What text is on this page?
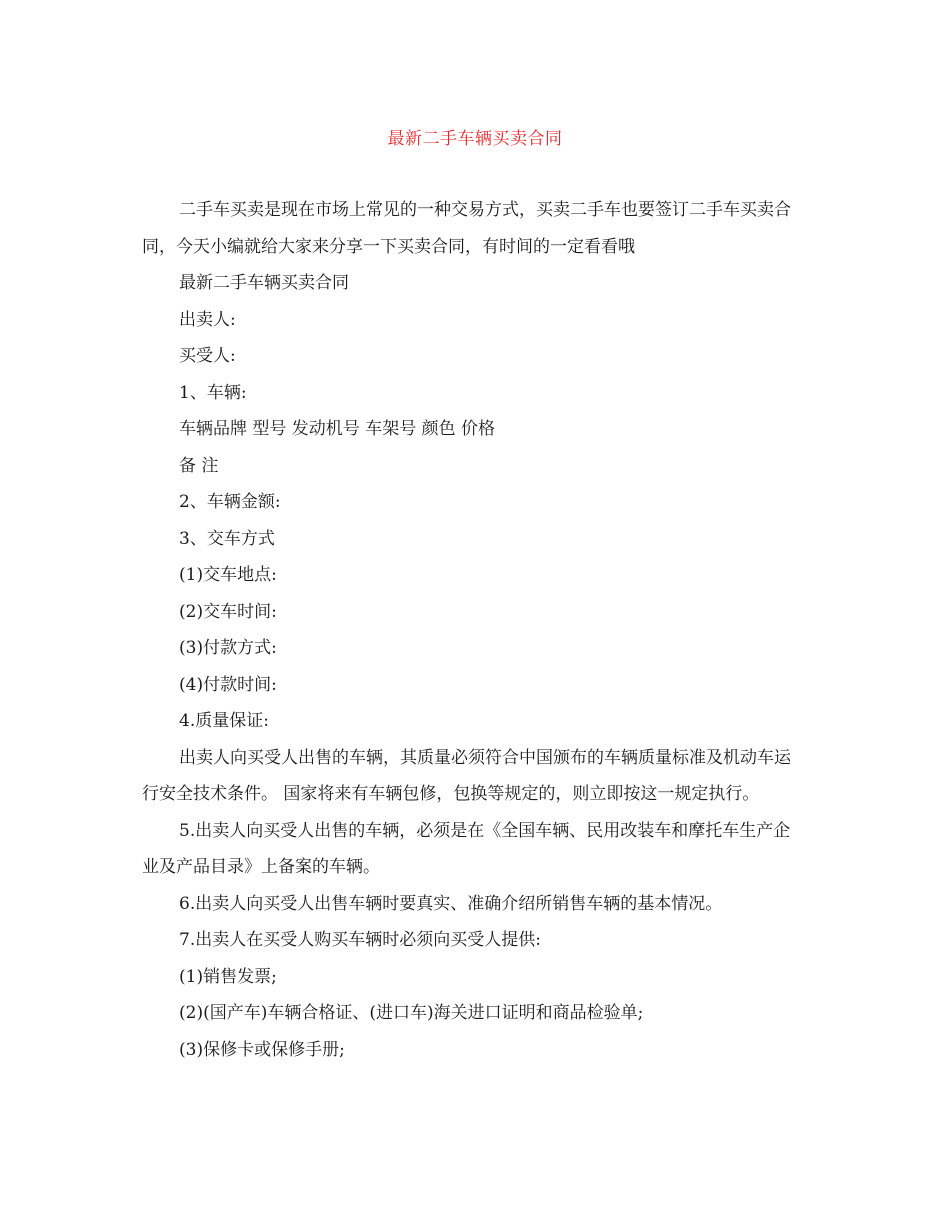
最新二手车辆买卖合同

二手车买卖是现在市场上常见的一种交易方式，买卖二手车也要签订二手车买卖合同，今天小编就给大家来分享一下买卖合同，有时间的一定看看哦

最新二手车辆买卖合同

出卖人:

买受人:

1、车辆:

车辆品牌 型号 发动机号 车架号 颜色 价格

备 注

2、车辆金额:

3、交车方式

(1)交车地点:

(2)交车时间:

(3)付款方式:

(4)付款时间:

4.质量保证:

出卖人向买受人出售的车辆，其质量必须符合中国颁布的车辆质量标准及机动车运行安全技术条件。 国家将来有车辆包修，包换等规定的，则立即按这一规定执行。

5.出卖人向买受人出售的车辆，必须是在《全国车辆、民用改装车和摩托车生产企业及产品目录》上备案的车辆。

6.出卖人向买受人出售车辆时要真实、准确介绍所销售车辆的基本情况。

7.出卖人在买受人购买车辆时必须向买受人提供:

(1)销售发票;

(2)(国产车)车辆合格证、(进口车)海关进口证明和商品检验单;

(3)保修卡或保修手册;
